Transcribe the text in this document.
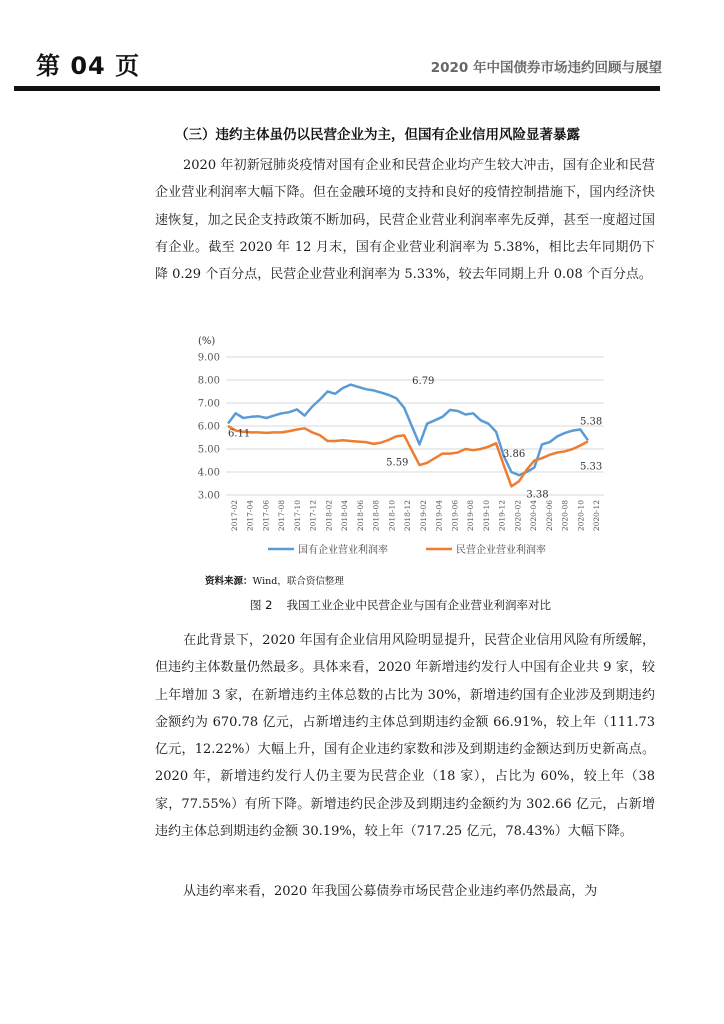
第 04 页	2020 年中国债券市场违约回顾与展望
（三）违约主体虽仍以民营企业为主，但国有企业信用风险显著暴露
2020 年初新冠肺炎疫情对国有企业和民营企业均产生较大冲击，国有企业和民营企业营业利润率大幅下降。但在金融环境的支持和良好的疫情控制措施下，国内经济快速恢复，加之民企支持政策不断加码，民营企业营业利润率率先反弹，甚至一度超过国有企业。截至 2020 年 12 月末，国有企业营业利润率为 5.38%，相比去年同期仍下降 0.29 个百分点，民营企业营业利润率为 5.33%，较去年同期上升 0.08 个百分点。
(%)
3.00
4.00
5.00
6.00
7.00
8.00
9.00
2017-02 2017-04 2017-06 2017-08 2017-10 2017-12 2018-02 2018-04 2018-06 2018-08 2018-10 2018-12 2019-02 2019-04 2019-06 2019-08 2019-10 2019-12 2020-02 2020-04 2020-06 2020-08 2020-10 2020-12
6.11
6.79
5.59
3.86
3.38
5.38
5.33
国有企业营业利润率	民营企业营业利润率
资料来源：Wind，联合资信整理
图 2 我国工业企业中民营企业与国有企业营业利润率对比
在此背景下，2020 年国有企业信用风险明显提升，民营企业信用风险有所缓解，但违约主体数量仍然最多。具体来看，2020 年新增违约发行人中国有企业共 9 家，较上年增加 3 家，在新增违约主体总数的占比为 30%，新增违约国有企业涉及到期违约金额约为 670.78 亿元，占新增违约主体总到期违约金额 66.91%，较上年（111.73 亿元，12.22%）大幅上升，国有企业违约家数和涉及到期违约金额达到历史新高点。2020 年，新增违约发行人仍主要为民营企业（18 家），占比为 60%，较上年（38 家，77.55%）有所下降。新增违约民企涉及到期违约金额约为 302.66 亿元，占新增违约主体总到期违约金额 30.19%，较上年（717.25 亿元，78.43%）大幅下降。
从违约率来看，2020 年我国公募债券市场民营企业违约率仍然最高，为
